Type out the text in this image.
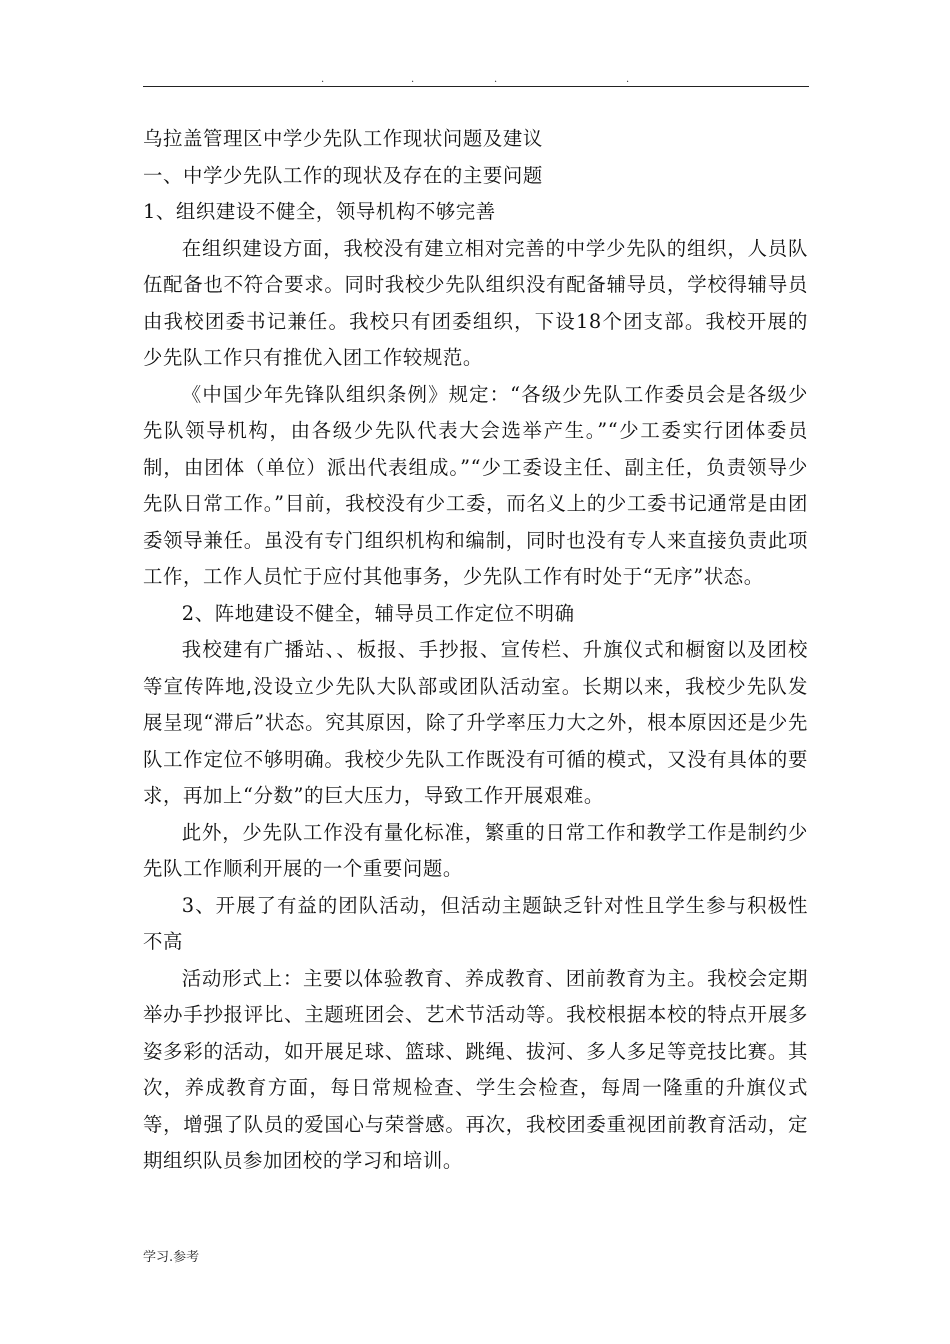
.	.	.	.

乌拉盖管理区中学少先队工作现状问题及建议

一、中学少先队工作的现状及存在的主要问题

1、组织建设不健全，领导机构不够完善

在组织建设方面，我校没有建立相对完善的中学少先队的组织，人员队伍配备也不符合要求。同时我校少先队组织没有配备辅导员，学校得辅导员由我校团委书记兼任。我校只有团委组织，下设18个团支部。我校开展的少先队工作只有推优入团工作较规范。

《中国少年先锋队组织条例》规定：“各级少先队工作委员会是各级少先队领导机构，由各级少先队代表大会选举产生。”“少工委实行团体委员制，由团体（单位）派出代表组成。”“少工委设主任、副主任，负责领导少先队日常工作。”目前，我校没有少工委，而名义上的少工委书记通常是由团委领导兼任。虽没有专门组织机构和编制，同时也没有专人来直接负责此项工作，工作人员忙于应付其他事务，少先队工作有时处于“无序”状态。

2、阵地建设不健全，辅导员工作定位不明确

我校建有广播站、、板报、手抄报、宣传栏、升旗仪式和橱窗以及团校等宣传阵地,没设立少先队大队部或团队活动室。长期以来，我校少先队发展呈现“滞后”状态。究其原因，除了升学率压力大之外，根本原因还是少先队工作定位不够明确。我校少先队工作既没有可循的模式，又没有具体的要求，再加上“分数”的巨大压力，导致工作开展艰难。

此外，少先队工作没有量化标准，繁重的日常工作和教学工作是制约少先队工作顺利开展的一个重要问题。

3、开展了有益的团队活动，但活动主题缺乏针对性且学生参与积极性不高

活动形式上：主要以体验教育、养成教育、团前教育为主。我校会定期举办手抄报评比、主题班团会、艺术节活动等。我校根据本校的特点开展多姿多彩的活动，如开展足球、篮球、跳绳、拔河、多人多足等竞技比赛。其次，养成教育方面，每日常规检查、学生会检查，每周一隆重的升旗仪式等，增强了队员的爱国心与荣誉感。再次，我校团委重视团前教育活动，定期组织队员参加团校的学习和培训。

学习.参考
